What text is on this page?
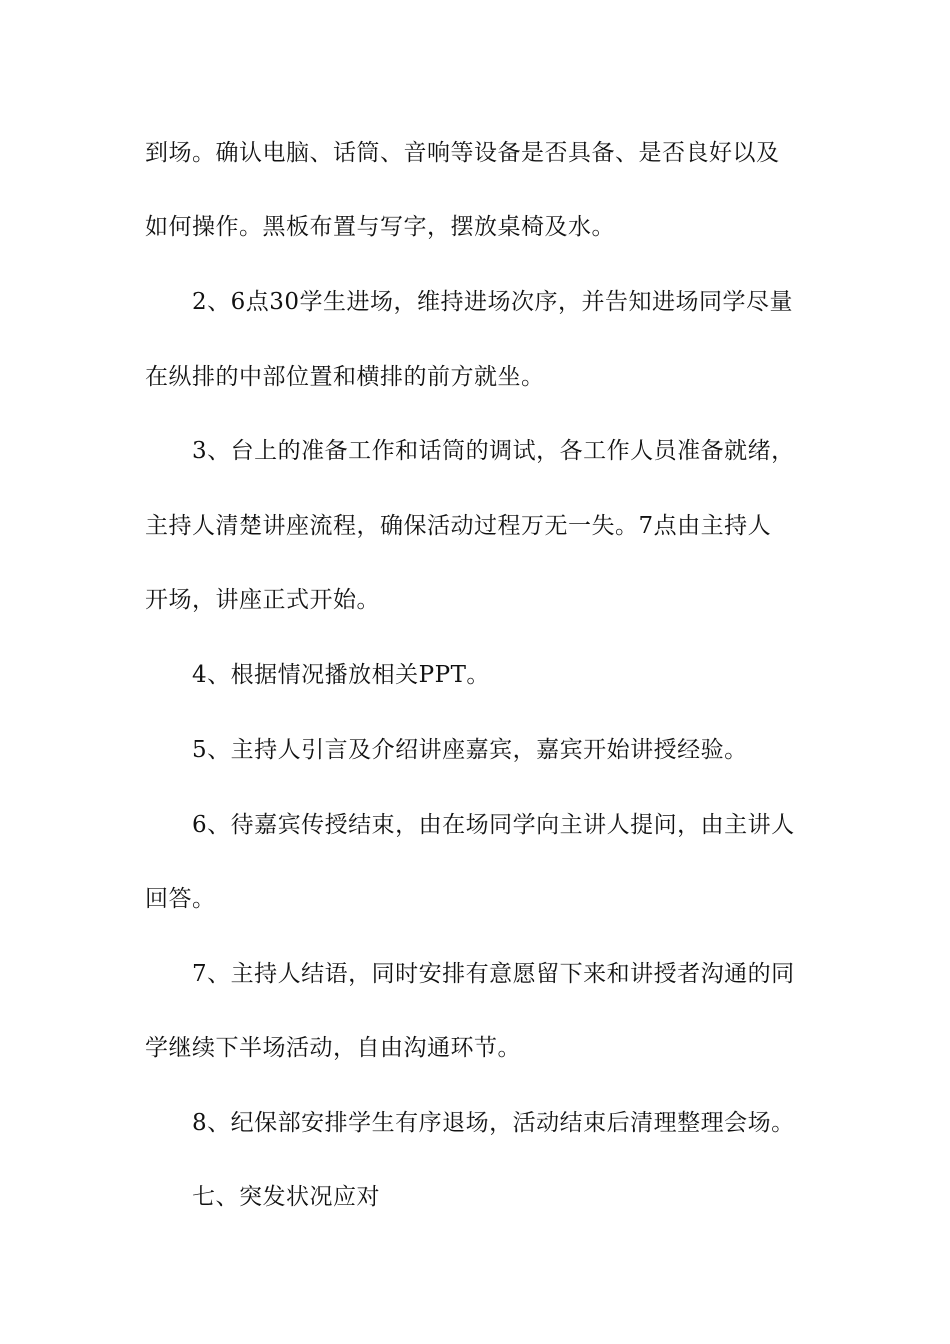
到场。确认电脑、话筒、音响等设备是否具备、是否良好以及
如何操作。黑板布置与写字，摆放桌椅及水。
2、6点30学生进场，维持进场次序，并告知进场同学尽量
在纵排的中部位置和横排的前方就坐。
3、台上的准备工作和话筒的调试，各工作人员准备就绪，
主持人清楚讲座流程，确保活动过程万无一失。7点由主持人
开场，讲座正式开始。
4、根据情况播放相关PPT。
5、主持人引言及介绍讲座嘉宾，嘉宾开始讲授经验。
6、待嘉宾传授结束，由在场同学向主讲人提问，由主讲人
回答。
7、主持人结语，同时安排有意愿留下来和讲授者沟通的同
学继续下半场活动，自由沟通环节。
8、纪保部安排学生有序退场，活动结束后清理整理会场。
七、突发状况应对
